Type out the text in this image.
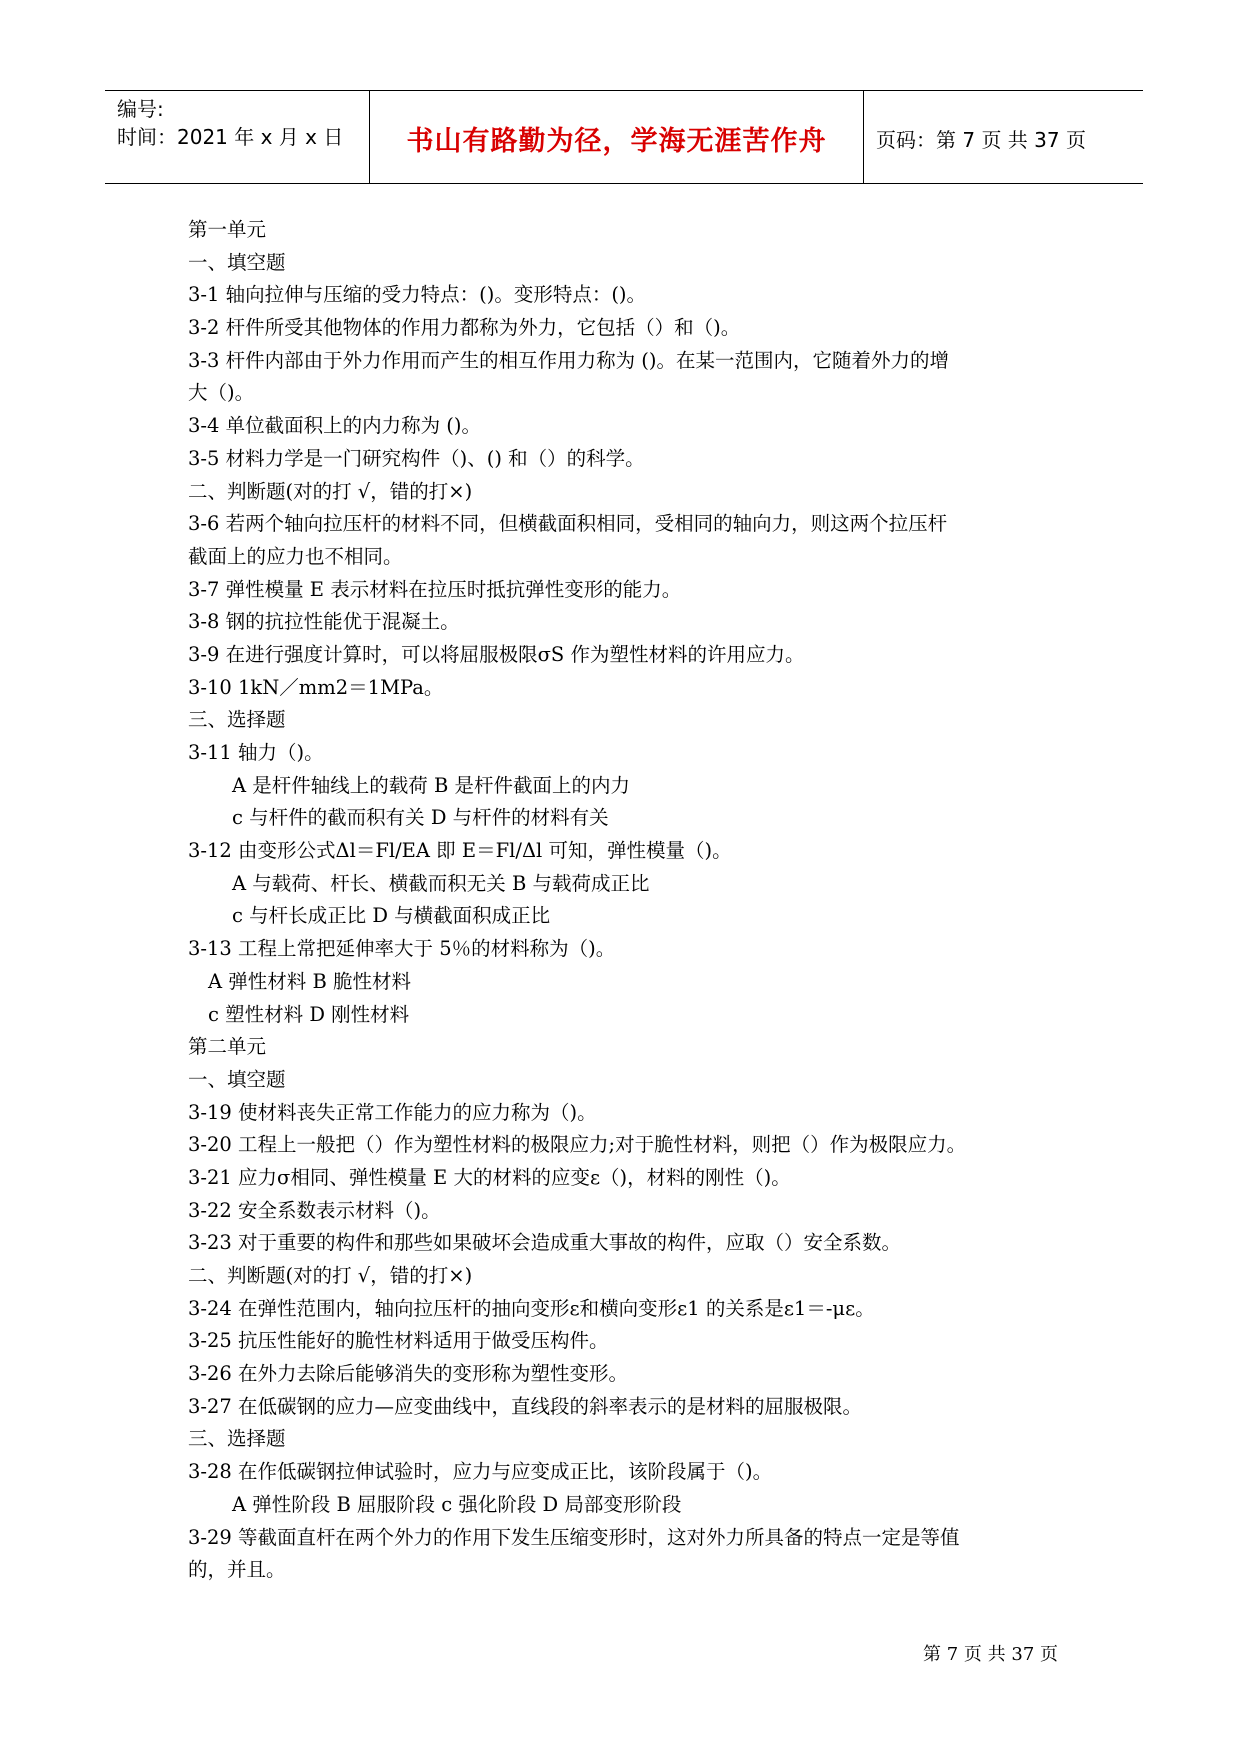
编号:
时间：2021 年 x 月 x 日	书山有路勤为径，学海无涯苦作舟	页码：第 7 页 共 37 页
第一单元
一、填空题
3-1 轴向拉伸与压缩的受力特点：()。变形特点：()。
3-2 杆件所受其他物体的作用力都称为外力，它包括（）和（)。
3-3 杆件内部由于外力作用而产生的相互作用力称为 ()。在某一范围内，它随着外力的增
大（)。
3-4 单位截面积上的内力称为 ()。
3-5 材料力学是一门研究构件（)、() 和（）的科学。
二、判断题(对的打 √，错的打×)
3-6 若两个轴向拉压杆的材料不同，但横截面积相同，受相同的轴向力，则这两个拉压杆
截面上的应力也不相同。
3-7 弹性模量 E 表示材料在拉压时抵抗弹性变形的能力。
3-8 钢的抗拉性能优于混凝土。
3-9 在进行强度计算时，可以将屈服极限σS 作为塑性材料的许用应力。
3-10 1kN／mm2＝1MPa。
三、选择题
3-11 轴力（)。
A 是杆件轴线上的载荷 B 是杆件截面上的内力
c 与杆件的截而积有关 D 与杆件的材料有关
3-12 由变形公式Δl＝Fl/EA 即 E＝Fl/Δl 可知，弹性模量（)。
A 与载荷、杆长、横截而积无关 B 与载荷成正比
c 与杆长成正比 D 与横截面积成正比
3-13 工程上常把延伸率大于 5％的材料称为（)。
A 弹性材料 B 脆性材料
c 塑性材料 D 刚性材料
第二单元
一、填空题
3-19 使材料丧失正常工作能力的应力称为（)。
3-20 工程上一般把（）作为塑性材料的极限应力;对于脆性材料，则把（）作为极限应力。
3-21 应力σ相同、弹性模量 E 大的材料的应变ε（)，材料的刚性（)。
3-22 安全系数表示材料（)。
3-23 对于重要的构件和那些如果破坏会造成重大事故的构件，应取（）安全系数。
二、判断题(对的打 √，错的打×)
3-24 在弹性范围内，轴向拉压杆的抽向变形ε和横向变形ε1 的关系是ε1＝-με。
3-25 抗压性能好的脆性材料适用于做受压构件。
3-26 在外力去除后能够消失的变形称为塑性变形。
3-27 在低碳钢的应力—应变曲线中，直线段的斜率表示的是材料的屈服极限。
三、选择题
3-28 在作低碳钢拉伸试验时，应力与应变成正比，该阶段属于（)。
A 弹性阶段 B 屈服阶段 c 强化阶段 D 局部变形阶段
3-29 等截面直杆在两个外力的作用下发生压缩变形时，这对外力所具备的特点一定是等值
的，并且。
第 7 页 共 37 页
